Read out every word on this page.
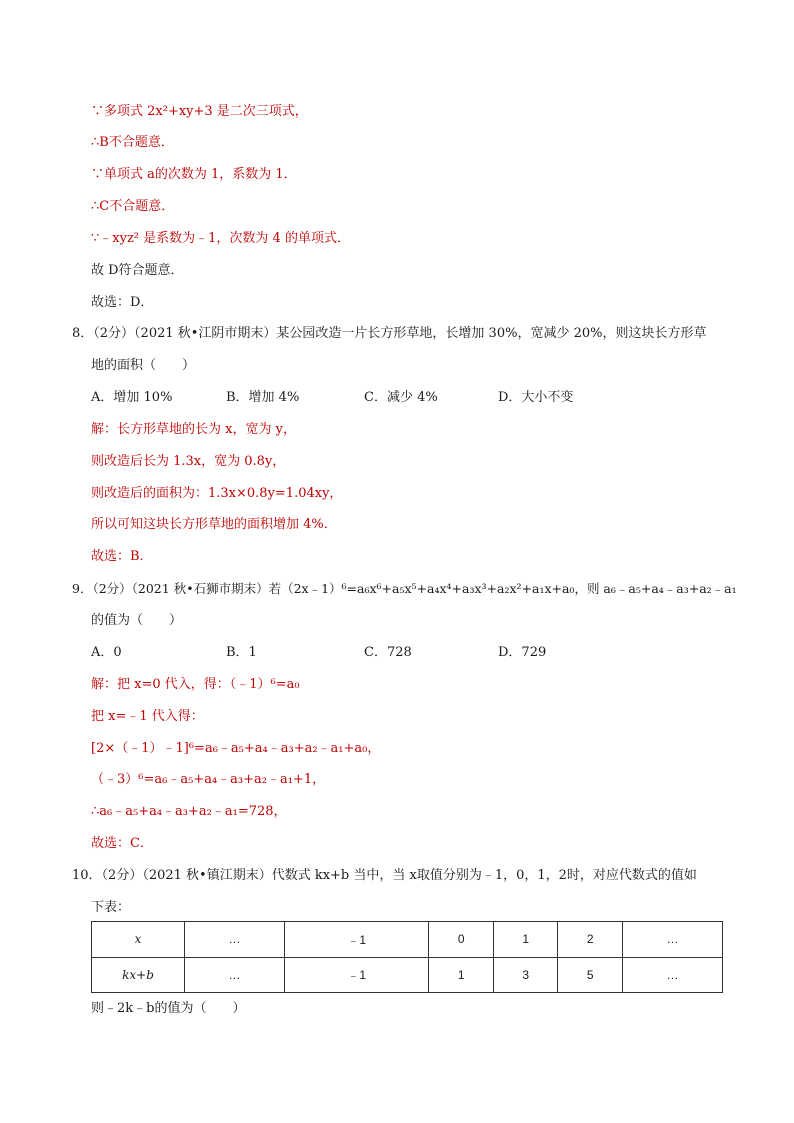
∵多项式 2x²+xy+3 是二次三项式，
∴B不合题意．
∵单项式 a的次数为 1，系数为 1．
∴C不合题意．
∵﹣xyz² 是系数为﹣1，次数为 4 的单项式．
故 D符合题意．
故选：D．
8．（2分）（2021 秋•江阴市期末）某公园改造一片长方形草地，长增加 30%，宽减少 20%，则这块长方形草
地的面积（　　）
A．增加 10%	B．增加 4%	C．减少 4%	D．大小不变
解：长方形草地的长为 x，宽为 y，
则改造后长为 1.3x，宽为 0.8y，
则改造后的面积为：1.3x×0.8y=1.04xy，
所以可知这块长方形草地的面积增加 4%．
故选：B．
9．（2分）（2021 秋•石狮市期末）若（2x﹣1）⁶=a₆x⁶+a₅x⁵+a₄x⁴+a₃x³+a₂x²+a₁x+a₀，则 a₆﹣a₅+a₄﹣a₃+a₂﹣a₁
的值为（　　）
A．0	B．1	C．728	D．729
解：把 x=0 代入，得：（﹣1）⁶=a₀
把 x=﹣1 代入得：
[2×（﹣1）﹣1]⁶=a₆﹣a₅+a₄﹣a₃+a₂﹣a₁+a₀，
（﹣3）⁶=a₆﹣a₅+a₄﹣a₃+a₂﹣a₁+1，
∴a₆﹣a₅+a₄﹣a₃+a₂﹣a₁=728，
故选：C．
10．（2分）（2021 秋•镇江期末）代数式 kx+b 当中，当 x取值分别为﹣1，0，1，2时，对应代数式的值如
下表：
x	…	﹣1	0	1	2	…
kx+b	…	﹣1	1	3	5	…
则﹣2k﹣b的值为（　　）
